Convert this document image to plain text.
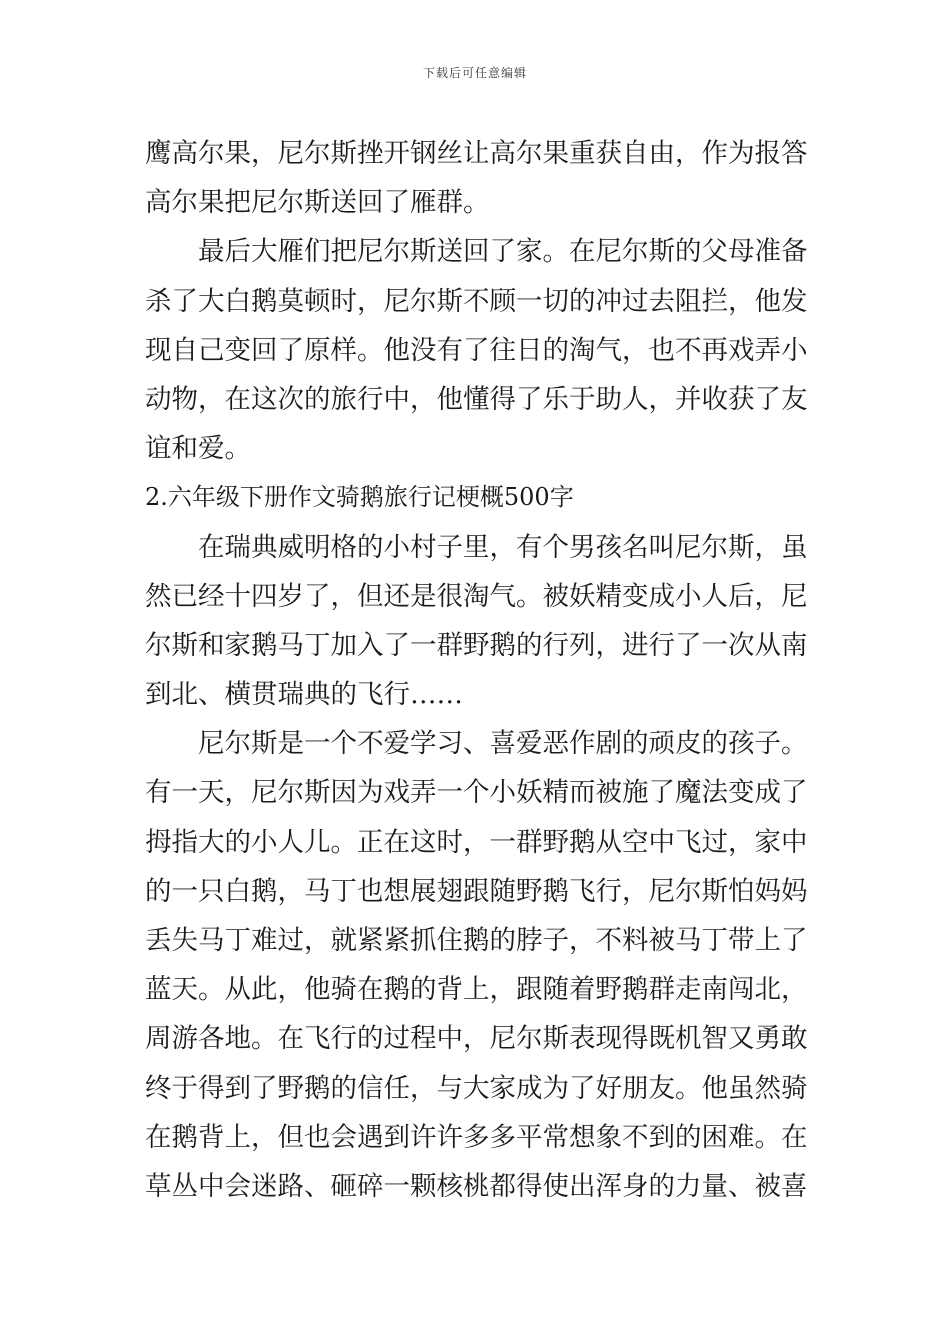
下载后可任意编辑
鹰高尔果，尼尔斯挫开钢丝让高尔果重获自由，作为报答
高尔果把尼尔斯送回了雁群。
最后大雁们把尼尔斯送回了家。在尼尔斯的父母准备
杀了大白鹅莫顿时，尼尔斯不顾一切的冲过去阻拦，他发
现自己变回了原样。他没有了往日的淘气，也不再戏弄小
动物，在这次的旅行中，他懂得了乐于助人，并收获了友
谊和爱。
2.六年级下册作文骑鹅旅行记梗概500字
在瑞典威明格的小村子里，有个男孩名叫尼尔斯，虽
然已经十四岁了，但还是很淘气。被妖精变成小人后，尼
尔斯和家鹅马丁加入了一群野鹅的行列，进行了一次从南
到北、横贯瑞典的飞行……
尼尔斯是一个不爱学习、喜爱恶作剧的顽皮的孩子。
有一天，尼尔斯因为戏弄一个小妖精而被施了魔法变成了
拇指大的小人儿。正在这时，一群野鹅从空中飞过，家中
的一只白鹅，马丁也想展翅跟随野鹅飞行，尼尔斯怕妈妈
丢失马丁难过，就紧紧抓住鹅的脖子，不料被马丁带上了
蓝天。从此，他骑在鹅的背上，跟随着野鹅群走南闯北，
周游各地。在飞行的过程中，尼尔斯表现得既机智又勇敢
终于得到了野鹅的信任，与大家成为了好朋友。他虽然骑
在鹅背上，但也会遇到许许多多平常想象不到的困难。在
草丛中会迷路、砸碎一颗核桃都得使出浑身的力量、被喜
